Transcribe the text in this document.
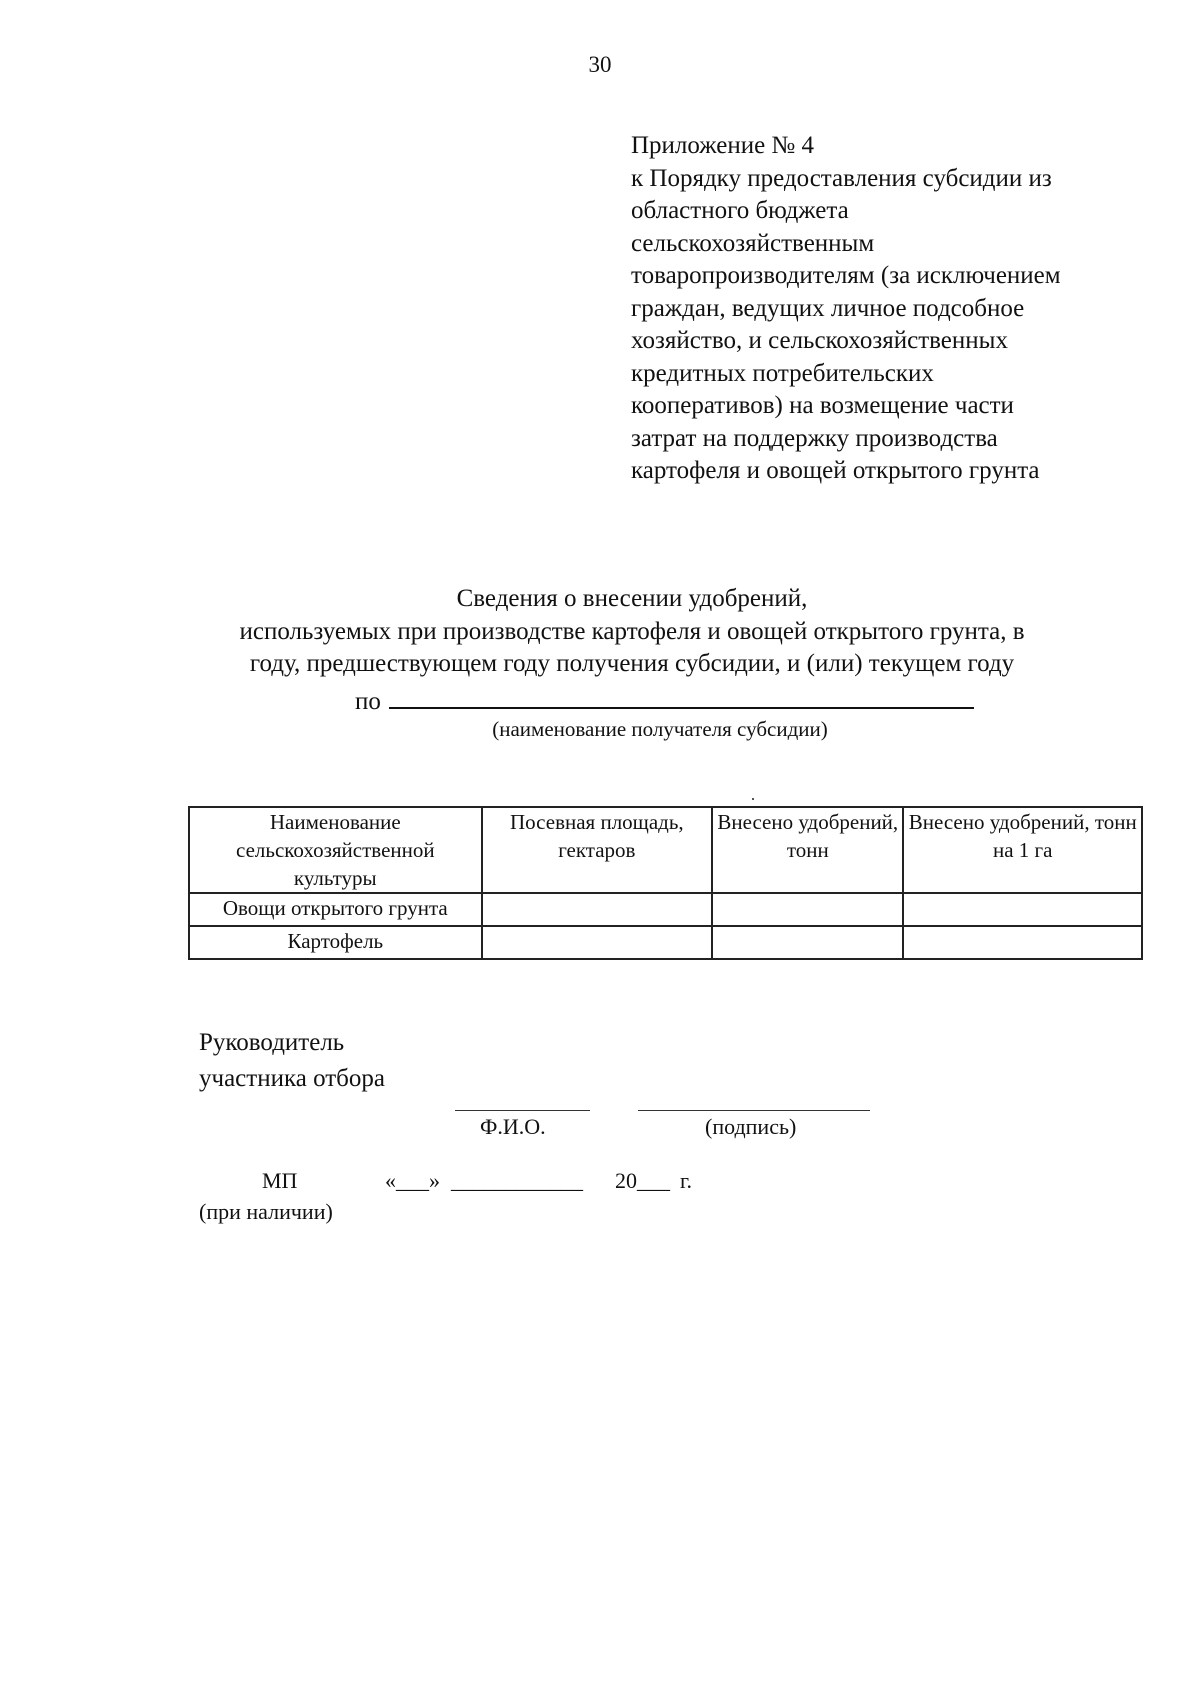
30
Приложение № 4
к Порядку предоставления субсидии из
областного бюджета
сельскохозяйственным
товаропроизводителям (за исключением
граждан, ведущих личное подсобное
хозяйство, и сельскохозяйственных
кредитных потребительских
кооперативов) на возмещение части
затрат на поддержку производства
картофеля и овощей открытого грунта
Сведения о внесении удобрений,
используемых при производстве картофеля и овощей открытого грунта, в
году, предшествующем году получения субсидии, и (или) текущем году
по
(наименование получателя субсидии)
Наименование сельскохозяйственной культуры	Посевная площадь, гектаров	Внесено удобрений, тонн	Внесено удобрений, тонн на 1 га
Овощи открытого грунта			
Картофель			
Руководитель
участника отбора
Ф.И.О.	(подпись)
МП	«___» ____________ 20___ г.
(при наличии)
